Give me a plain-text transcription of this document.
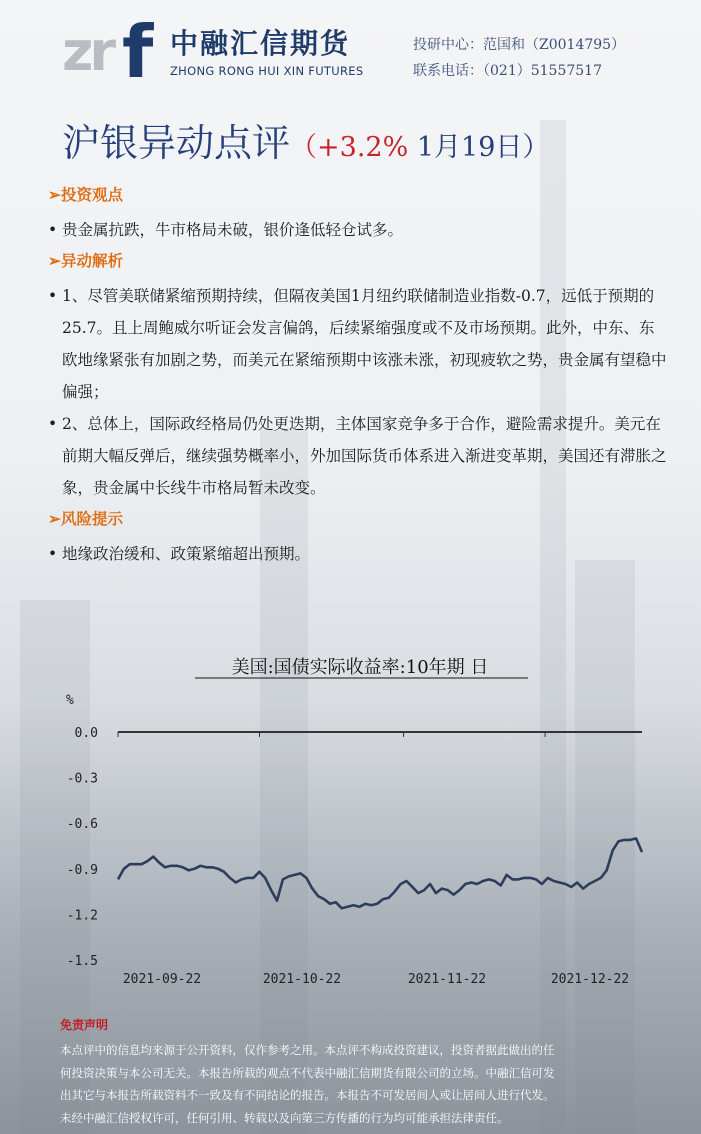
zr f 中融汇信期货
ZHONG RONG HUI XIN FUTURES
投研中心：范国和（Z0014795）
联系电话：（021）51557517
沪银异动点评（+3.2% 1月19日）
➢投资观点
• 贵金属抗跌，牛市格局未破，银价逢低轻仓试多。
➢异动解析
• 1、尽管美联储紧缩预期持续，但隔夜美国1月纽约联储制造业指数-0.7，远低于预期的25.7。且上周鲍威尔听证会发言偏鸽，后续紧缩强度或不及市场预期。此外，中东、东欧地缘紧张有加剧之势，而美元在紧缩预期中该涨未涨，初现疲软之势，贵金属有望稳中偏强；
• 2、总体上，国际政经格局仍处更迭期，主体国家竞争多于合作，避险需求提升。美元在前期大幅反弹后，继续强势概率小，外加国际货币体系进入渐进变革期，美国还有滞胀之象，贵金属中长线牛市格局暂未改变。
➢风险提示
• 地缘政治缓和、政策紧缩超出预期。
美国:国债实际收益率:10年期 日
%
0.0
-0.3
-0.6
-0.9
-1.2
-1.5
2021-09-22	2021-10-22	2021-11-22	2021-12-22
免责声明
本点评中的信息均来源于公开资料，仅作参考之用。本点评不构成投资建议，投资者据此做出的任
何投资决策与本公司无关。本报告所载的观点不代表中融汇信期货有限公司的立场。中融汇信可发
出其它与本报告所载资料不一致及有不同结论的报告。本报告不可发居间人或让居间人进行代发。
未经中融汇信授权许可，任何引用、转载以及向第三方传播的行为均可能承担法律责任。
